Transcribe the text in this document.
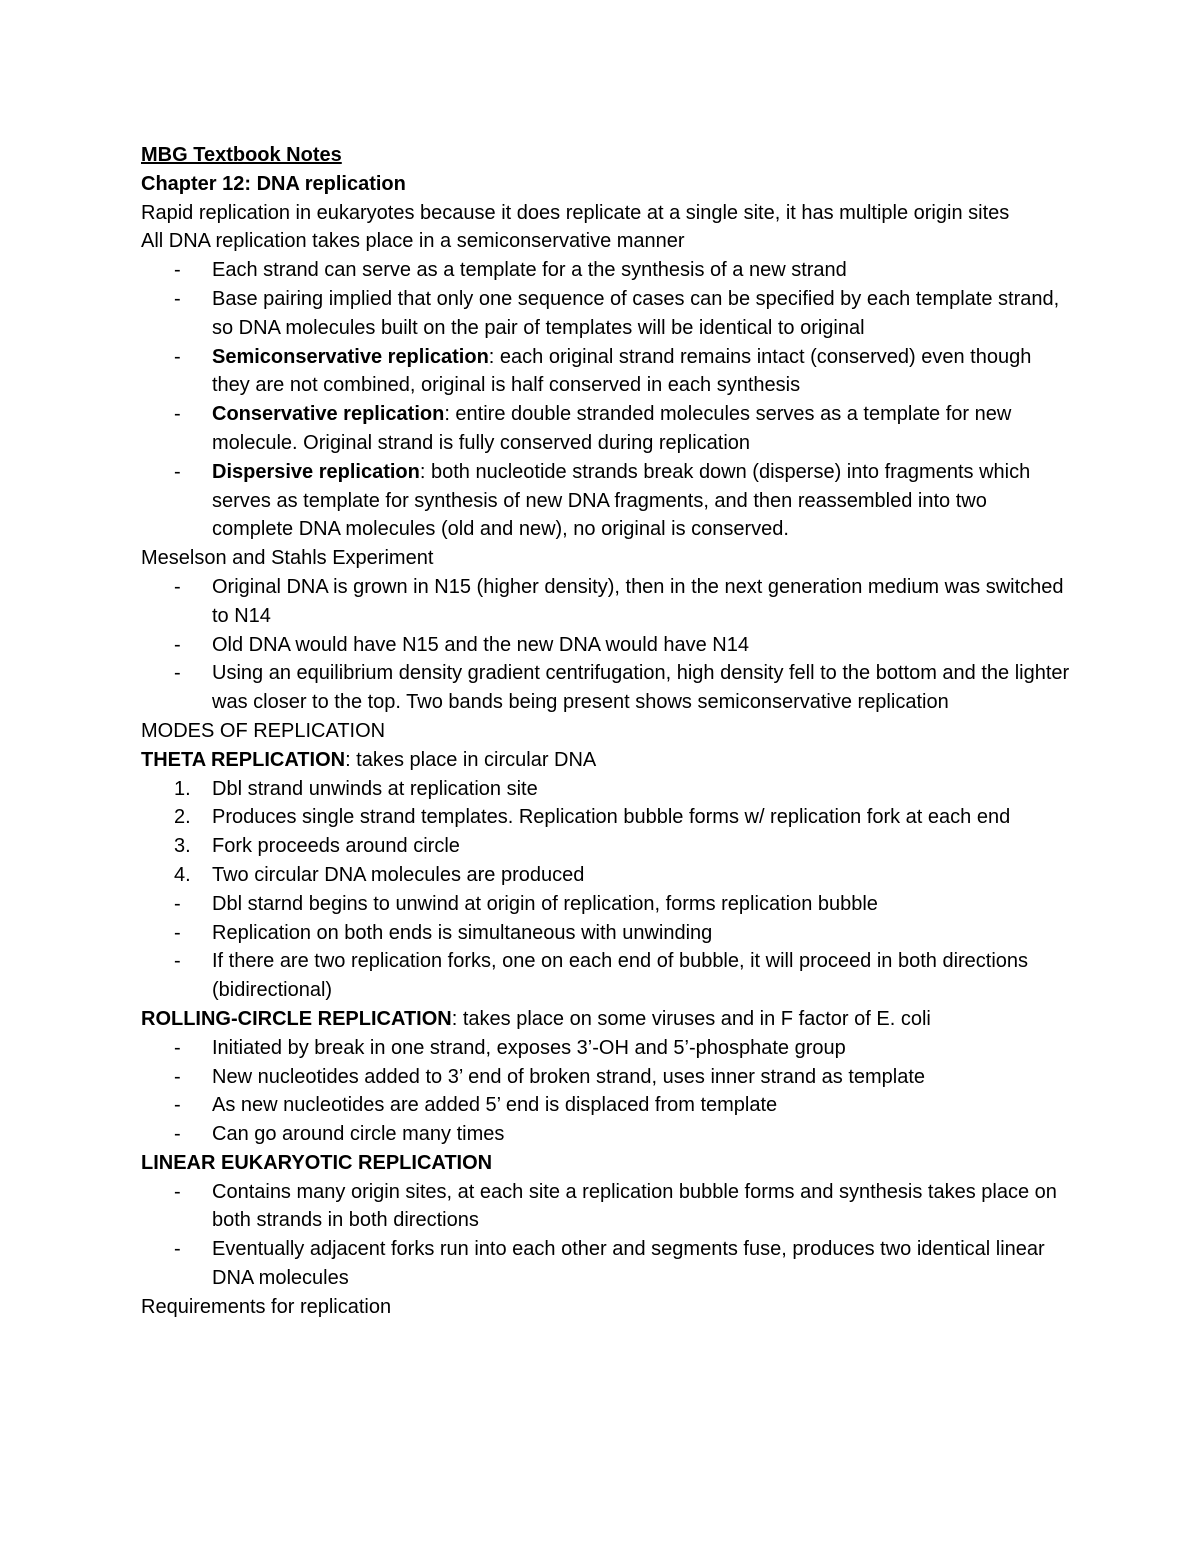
MBG Textbook Notes

Chapter 12: DNA replication

Rapid replication in eukaryotes because it does replicate at a single site, it has multiple origin sites

All DNA replication takes place in a semiconservative manner

- Each strand can serve as a template for a the synthesis of a new strand

- Base pairing implied that only one sequence of cases can be specified by each template strand, so DNA molecules built on the pair of templates will be identical to original

- Semiconservative replication: each original strand remains intact (conserved) even though they are not combined, original is half conserved in each synthesis

- Conservative replication: entire double stranded molecules serves as a template for new molecule. Original strand is fully conserved during replication

- Dispersive replication: both nucleotide strands break down (disperse) into fragments which serves as template for synthesis of new DNA fragments, and then reassembled into two complete DNA molecules (old and new), no original is conserved.

Meselson and Stahls Experiment

- Original DNA is grown in N15 (higher density), then in the next generation medium was switched to N14

- Old DNA would have N15 and the new DNA would have N14

- Using an equilibrium density gradient centrifugation, high density fell to the bottom and the lighter was closer to the top. Two bands being present shows semiconservative replication

MODES OF REPLICATION

THETA REPLICATION: takes place in circular DNA

1. Dbl strand unwinds at replication site

2. Produces single strand templates. Replication bubble forms w/ replication fork at each end

3. Fork proceeds around circle

4. Two circular DNA molecules are produced

- Dbl starnd begins to unwind at origin of replication, forms replication bubble

- Replication on both ends is simultaneous with unwinding

- If there are two replication forks, one on each end of bubble, it will proceed in both directions (bidirectional)

ROLLING-CIRCLE REPLICATION: takes place on some viruses and in F factor of E. coli

- Initiated by break in one strand, exposes 3’-OH and 5’-phosphate group

- New nucleotides added to 3’ end of broken strand, uses inner strand as template

- As new nucleotides are added 5’ end is displaced from template

- Can go around circle many times

LINEAR EUKARYOTIC REPLICATION

- Contains many origin sites, at each site a replication bubble forms and synthesis takes place on both strands in both directions

- Eventually adjacent forks run into each other and segments fuse, produces two identical linear DNA molecules

Requirements for replication
